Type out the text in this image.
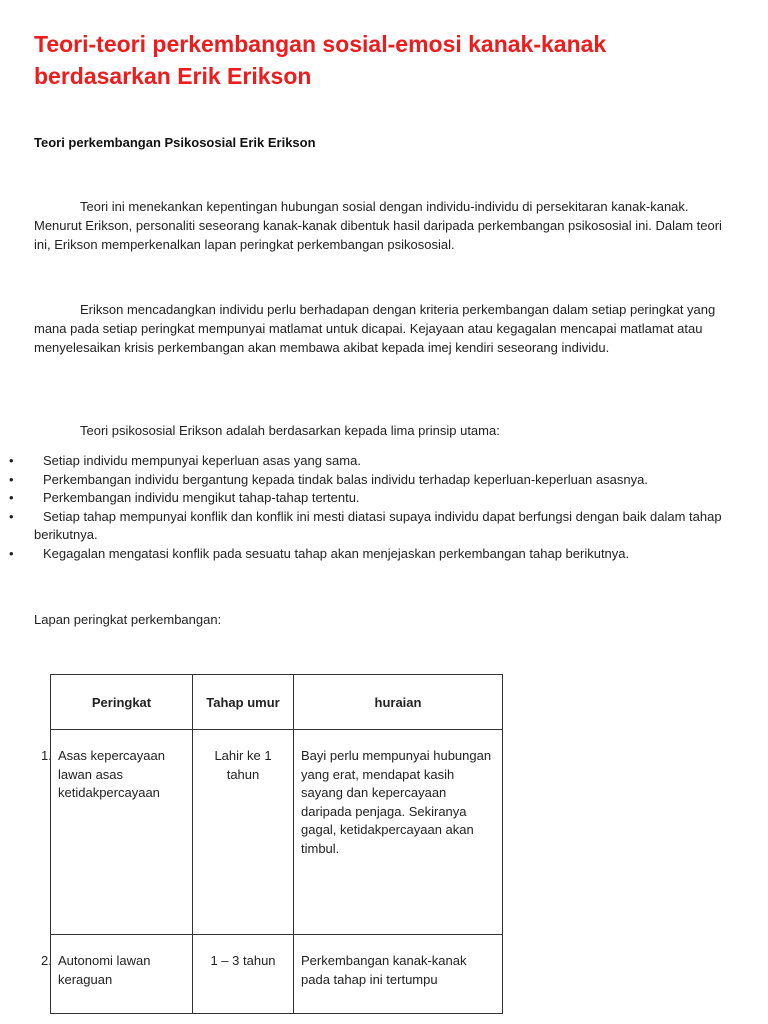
Teori-teori perkembangan sosial-emosi kanak-kanak berdasarkan Erik Erikson
Teori perkembangan Psikososial Erik Erikson

Teori ini menekankan kepentingan hubungan sosial dengan individu-individu di persekitaran kanak-kanak. Menurut Erikson, personaliti seseorang kanak-kanak dibentuk hasil daripada perkembangan psikososial ini. Dalam teori ini, Erikson memperkenalkan lapan peringkat perkembangan psikososial.

Erikson mencadangkan individu perlu berhadapan dengan kriteria perkembangan dalam setiap peringkat yang mana pada setiap peringkat mempunyai matlamat untuk dicapai. Kejayaan atau kegagalan mencapai matlamat atau menyelesaikan krisis perkembangan akan membawa akibat kepada imej kendiri seseorang individu.

Teori psikososial Erikson adalah berdasarkan kepada lima prinsip utama:

• Setiap individu mempunyai keperluan asas yang sama.
• Perkembangan individu bergantung kepada tindak balas individu terhadap keperluan-keperluan asasnya.
• Perkembangan individu mengikut tahap-tahap tertentu.
• Setiap tahap mempunyai konflik dan konflik ini mesti diatasi supaya individu dapat berfungsi dengan baik dalam tahap berikutnya.
• Kegagalan mengatasi konflik pada sesuatu tahap akan menjejaskan perkembangan tahap berikutnya.

Lapan peringkat perkembangan:

Peringkat	Tahap umur	huraian

1. Asas kepercayaan lawan asas ketidakpercayaan	Lahir ke 1 tahun	Bayi perlu mempunyai hubungan yang erat, mendapat kasih sayang dan kepercayaan daripada penjaga. Sekiranya gagal, ketidakpercayaan akan timbul.

2. Autonomi lawan keraguan	1 – 3 tahun	Perkembangan kanak-kanak pada tahap ini tertumpu
